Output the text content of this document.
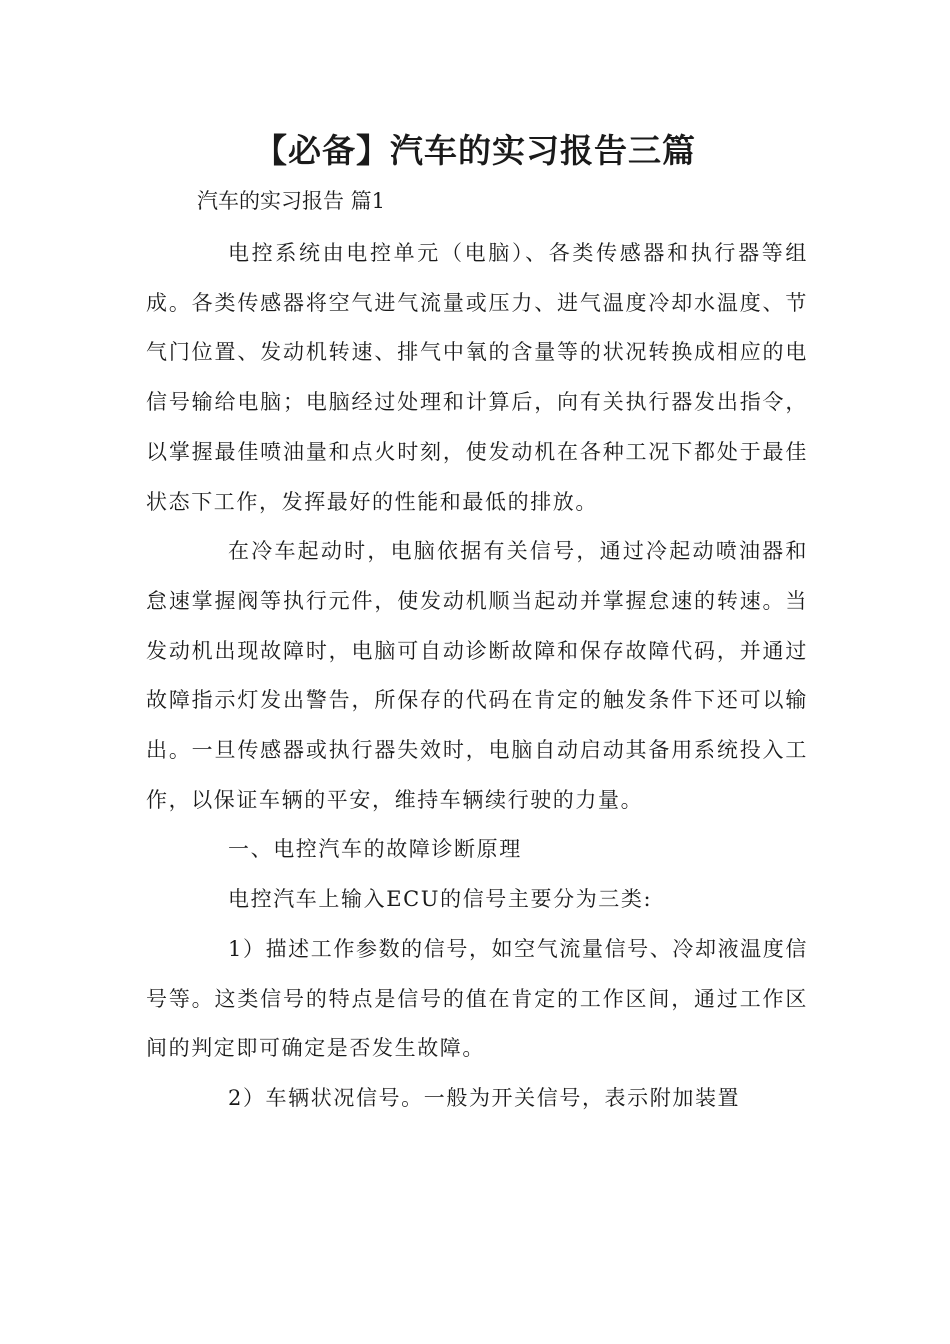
【必备】汽车的实习报告三篇
汽车的实习报告 篇1

电控系统由电控单元（电脑）、各类传感器和执行器等组成。各类传感器将空气进气流量或压力、进气温度冷却水温度、节气门位置、发动机转速、排气中氧的含量等的状况转换成相应的电信号输给电脑；电脑经过处理和计算后，向有关执行器发出指令，以掌握最佳喷油量和点火时刻，使发动机在各种工况下都处于最佳状态下工作，发挥最好的性能和最低的排放。

在冷车起动时，电脑依据有关信号，通过冷起动喷油器和怠速掌握阀等执行元件，使发动机顺当起动并掌握怠速的转速。当发动机出现故障时，电脑可自动诊断故障和保存故障代码，并通过故障指示灯发出警告，所保存的代码在肯定的触发条件下还可以输出。一旦传感器或执行器失效时，电脑自动启动其备用系统投入工作，以保证车辆的平安，维持车辆续行驶的力量。

一、电控汽车的故障诊断原理

电控汽车上输入ECU的信号主要分为三类:

1）描述工作参数的信号，如空气流量信号、冷却液温度信号等。这类信号的特点是信号的值在肯定的工作区间，通过工作区间的判定即可确定是否发生故障。

2）车辆状况信号。一般为开关信号，表示附加装置
